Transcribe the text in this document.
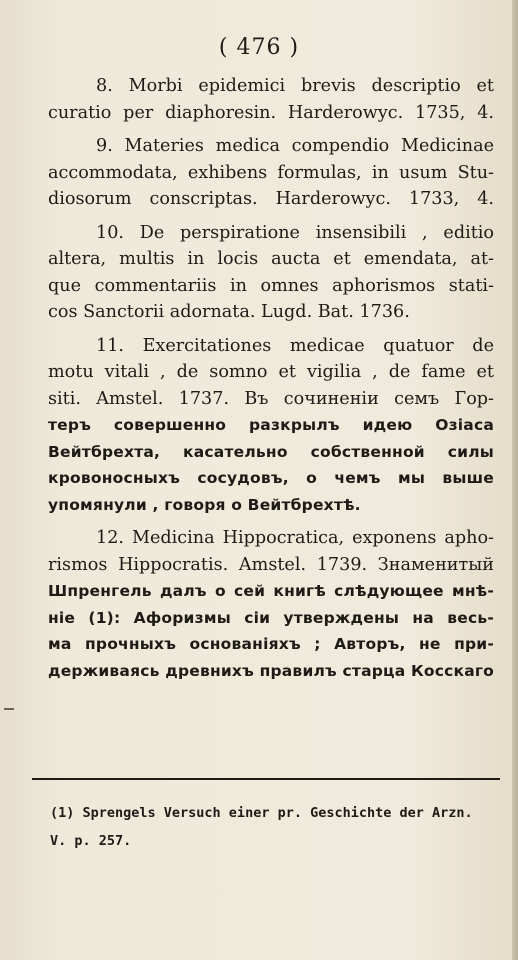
( 476 )

8. Morbi epidemici brevis descriptio et
curatio per diaphoresin. Harderowyc. 1735, 4.

9. Materies medica compendio Medicinae
accommodata, exhibens formulas, in usum Stu-
diosorum conscriptas. Harderowyc. 1733, 4.

10. De perspiratione insensibili , editio
altera, multis in locis aucta et emendata, at-
que commentariis in omnes aphorismos stati-
cos Sanctorii adornata. Lugd. Bat. 1736.

11. Exercitationes medicae quatuor de
motu vitali , de somno et vigilia , de fame et
siti. Amstel. 1737. Въ сочиненіи семъ Гор-
теръ совершенно разкрылъ идею Озіаса
Вейтбрехта, касательно собственной силы
кровоносныхъ сосудовъ, о чемъ мы выше
упомянули , говоря о Вейтбрехтѣ.

12. Medicina Hippocratica, exponens apho-
rismos Hippocratis. Amstel. 1739. Знаменитый
Шпренгель далъ о сей книгѣ слѣдующее мнѣ-
ніе (1): Афоризмы сіи утверждены на весь-
ма прочныхъ основаніяхъ ; Авторъ, не при-
держиваясь древнихъ правилъ старца Косскаго

(1) Sprengels Versuch einer pr. Geschichte der Arzn.
V. p. 257.
